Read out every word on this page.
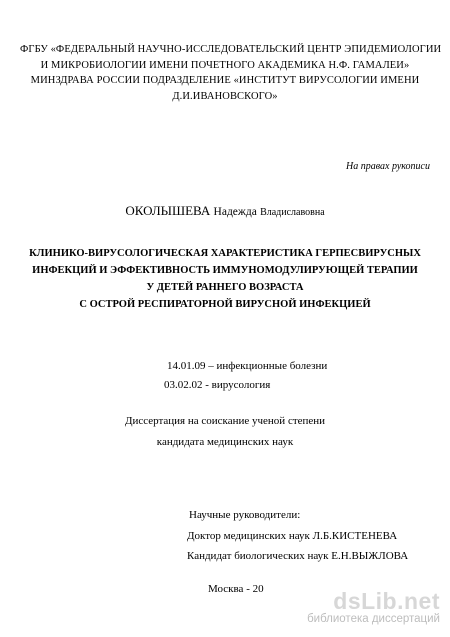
ФГБУ «ФЕДЕРАЛЬНЫЙ НАУЧНО-ИССЛЕДОВАТЕЛЬСКИЙ ЦЕНТР ЭПИДЕМИОЛОГИИ
И МИКРОБИОЛОГИИ ИМЕНИ ПОЧЕТНОГО АКАДЕМИКА Н.Ф. ГАМАЛЕИ»
МИНЗДРАВА РОССИИ ПОДРАЗДЕЛЕНИЕ «ИНСТИТУТ ВИРУСОЛОГИИ ИМЕНИ
Д.И.ИВАНОВСКОГО»
На правах рукописи
ОКОЛЫШЕВА Надежда Владиславовна
КЛИНИКО-ВИРУСОЛОГИЧЕСКАЯ ХАРАКТЕРИСТИКА ГЕРПЕСВИРУСНЫХ
ИНФЕКЦИЙ И ЭФФЕКТИВНОСТЬ ИММУНОМОДУЛИРУЮЩЕЙ ТЕРАПИИ
У ДЕТЕЙ РАННЕГО ВОЗРАСТА
С ОСТРОЙ РЕСПИРАТОРНОЙ ВИРУСНОЙ ИНФЕКЦИЕЙ
14.01.09 – инфекционные болезни
03.02.02 - вирусология
Диссертация на соискание ученой степени
кандидата медицинских наук
Научные руководители:
Доктор медицинских наук Л.Б.КИСТЕНЕВА
Кандидат биологических наук Е.Н.ВЫЖЛОВА
Москва - 20	dsLib.net
библиотека диссертаций
